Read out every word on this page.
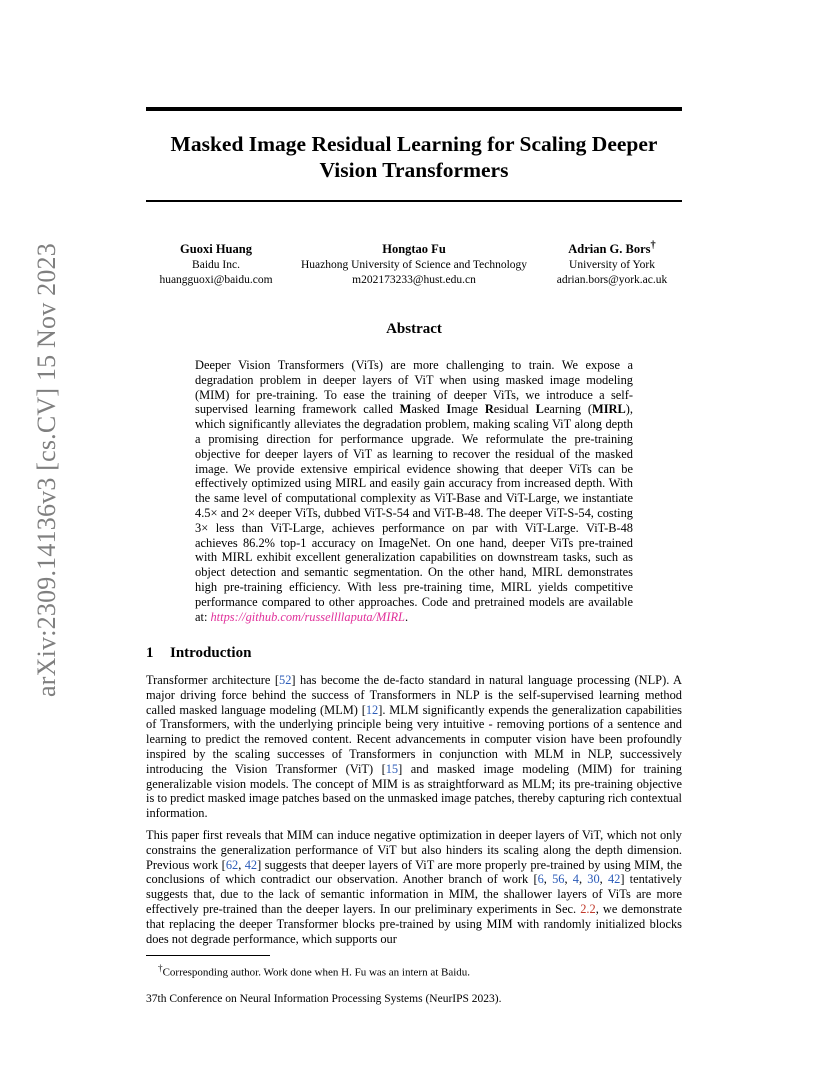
arXiv:2309.14136v3 [cs.CV] 15 Nov 2023
Masked Image Residual Learning for Scaling Deeper Vision Transformers
Guoxi Huang
Baidu Inc.
huangguoxi@baidu.com
Hongtao Fu
Huazhong University of Science and Technology
m202173233@hust.edu.cn
Adrian G. Bors†
University of York
adrian.bors@york.ac.uk
Abstract

Deeper Vision Transformers (ViTs) are more challenging to train. We expose a degradation problem in deeper layers of ViT when using masked image modeling (MIM) for pre-training. To ease the training of deeper ViTs, we introduce a self-supervised learning framework called Masked Image Residual Learning (MIRL), which significantly alleviates the degradation problem, making scaling ViT along depth a promising direction for performance upgrade. We reformulate the pre-training objective for deeper layers of ViT as learning to recover the residual of the masked image. We provide extensive empirical evidence showing that deeper ViTs can be effectively optimized using MIRL and easily gain accuracy from increased depth. With the same level of computational complexity as ViT-Base and ViT-Large, we instantiate 4.5× and 2× deeper ViTs, dubbed ViT-S-54 and ViT-B-48. The deeper ViT-S-54, costing 3× less than ViT-Large, achieves performance on par with ViT-Large. ViT-B-48 achieves 86.2% top-1 accuracy on ImageNet. On one hand, deeper ViTs pre-trained with MIRL exhibit excellent generalization capabilities on downstream tasks, such as object detection and semantic segmentation. On the other hand, MIRL demonstrates high pre-training efficiency. With less pre-training time, MIRL yields competitive performance compared to other approaches. Code and pretrained models are available at: https://github.com/russellllaputa/MIRL.

1 Introduction

Transformer architecture [52] has become the de-facto standard in natural language processing (NLP). A major driving force behind the success of Transformers in NLP is the self-supervised learning method called masked language modeling (MLM) [12]. MLM significantly expends the generalization capabilities of Transformers, with the underlying principle being very intuitive - removing portions of a sentence and learning to predict the removed content. Recent advancements in computer vision have been profoundly inspired by the scaling successes of Transformers in conjunction with MLM in NLP, successively introducing the Vision Transformer (ViT) [15] and masked image modeling (MIM) for training generalizable vision models. The concept of MIM is as straightforward as MLM; its pre-training objective is to predict masked image patches based on the unmasked image patches, thereby capturing rich contextual information.

This paper first reveals that MIM can induce negative optimization in deeper layers of ViT, which not only constrains the generalization performance of ViT but also hinders its scaling along the depth dimension. Previous work [62, 42] suggests that deeper layers of ViT are more properly pre-trained by using MIM, the conclusions of which contradict our observation. Another branch of work [6, 56, 4, 30, 42] tentatively suggests that, due to the lack of semantic information in MIM, the shallower layers of ViTs are more effectively pre-trained than the deeper layers. In our preliminary experiments in Sec. 2.2, we demonstrate that replacing the deeper Transformer blocks pre-trained by using MIM with randomly initialized blocks does not degrade performance, which supports our

†Corresponding author. Work done when H. Fu was an intern at Baidu.
37th Conference on Neural Information Processing Systems (NeurIPS 2023).
